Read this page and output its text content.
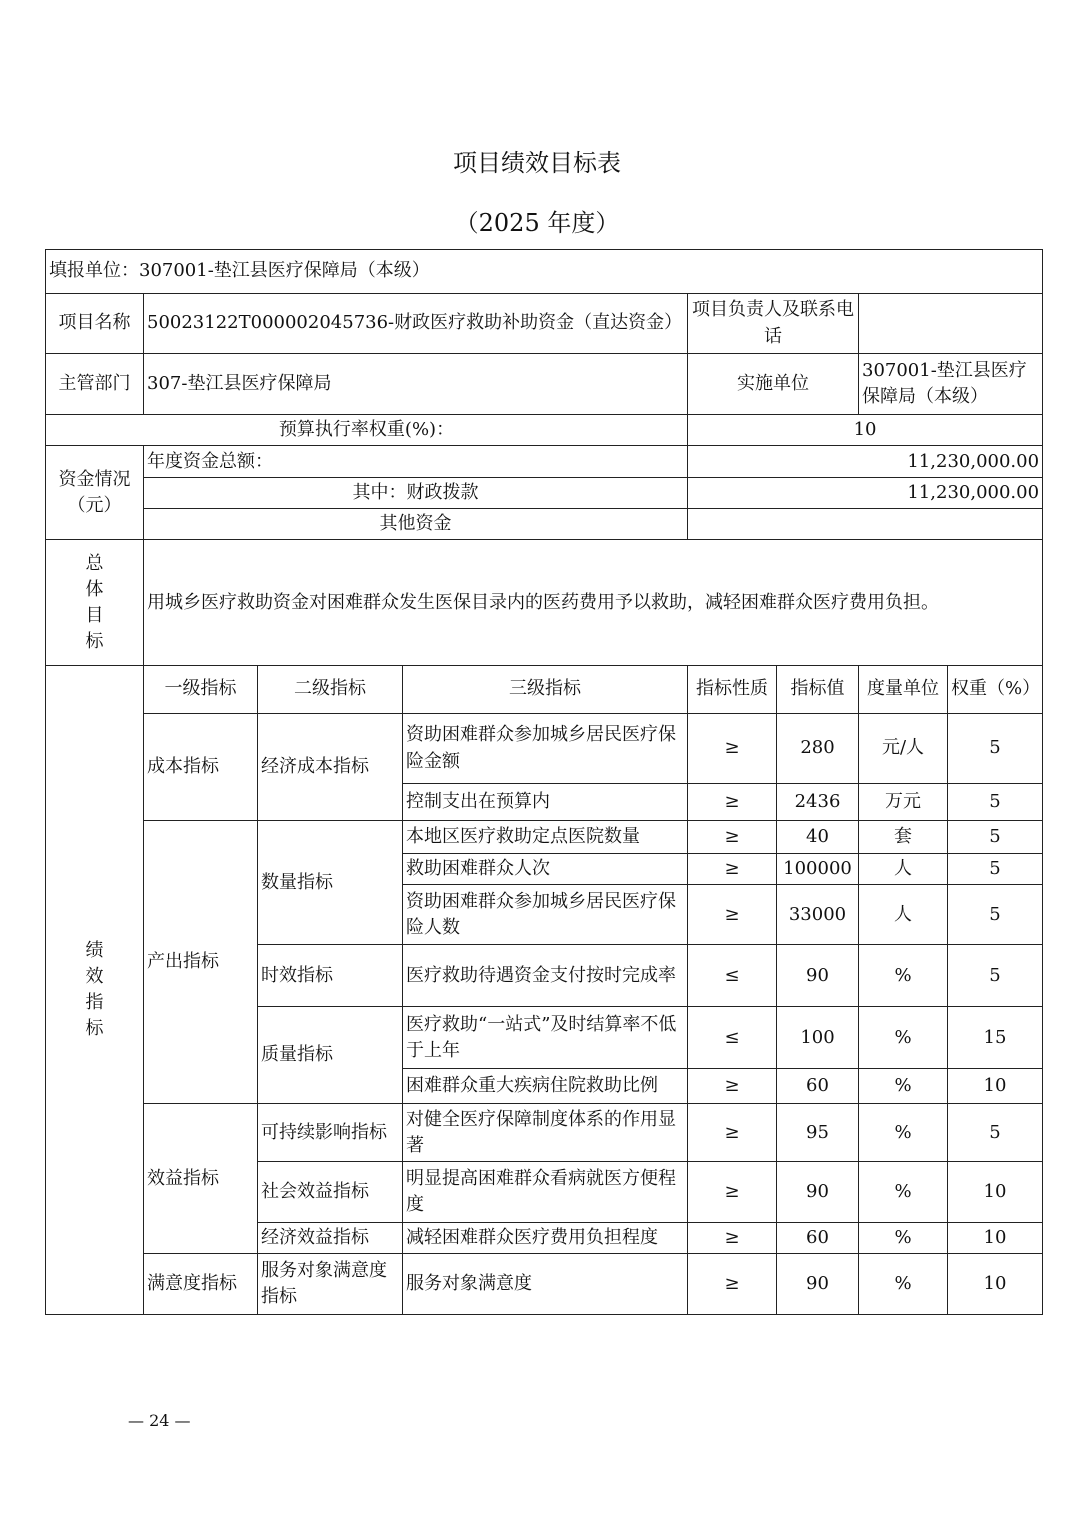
项目绩效目标表
（2025 年度）
填报单位：307001-垫江县医疗保障局（本级）			
项目名称	50023122T000002045736-财政医疗救助补助资金（直达资金）	项目负责人及联系电话	
主管部门	307-垫江县医疗保障局	实施单位	307001-垫江县医疗保障局（本级）
预算执行率权重(%)：		10	
资金情况（元）	年度资金总额：	11,230,000.00	
	其中：财政拨款	11,230,000.00	
	其他资金		

总
体
目
标	用城乡医疗救助资金对困难群众发生医保目录内的医药费用予以救助，减轻困难群众医疗费用负担。		
绩
效
指
标	一级指标	二级指标	三级指标	指标性质	指标值	度量单位	权重（%）
	成本指标	经济成本指标	资助困难群众参加城乡居民医疗保险金额	≥	280	元/人	5
			控制支出在预算内	≥	2436	万元	5
	产出指标	数量指标	本地区医疗救助定点医院数量	≥	40	套	5
			救助困难群众人次	≥	100000	人	5
			资助困难群众参加城乡居民医疗保险人数	≥	33000	人	5
		时效指标	医疗救助待遇资金支付按时完成率	≤	90	%	5
		质量指标	医疗救助“一站式”及时结算率不低于上年	≤	100	%	15
			困难群众重大疾病住院救助比例	≥	60	%	10
	效益指标	可持续影响指标	对健全医疗保障制度体系的作用显著	≥	95	%	5
		社会效益指标	明显提高困难群众看病就医方便程度	≥	90	%	10
		经济效益指标	减轻困难群众医疗费用负担程度	≥	60	%	10
	满意度指标	服务对象满意度指标	服务对象满意度	≥	90	%	10
— 24 —
